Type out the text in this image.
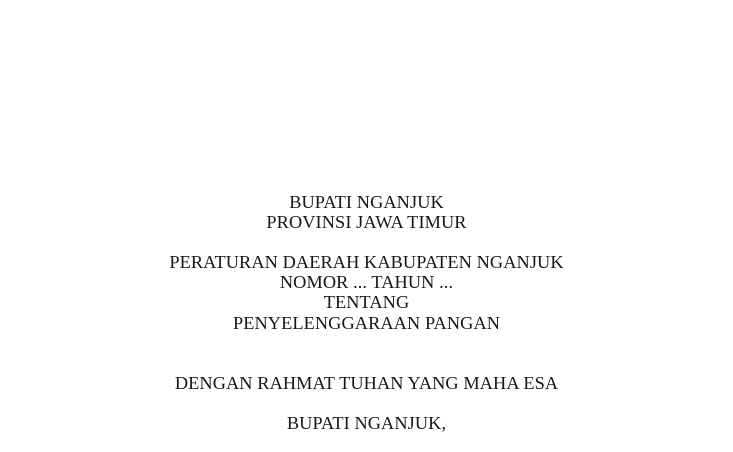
BUPATI NGANJUK
PROVINSI JAWA TIMUR
PERATURAN DAERAH KABUPATEN NGANJUK
NOMOR ... TAHUN ...
TENTANG
PENYELENGGARAAN PANGAN
DENGAN RAHMAT TUHAN YANG MAHA ESA
BUPATI NGANJUK,
